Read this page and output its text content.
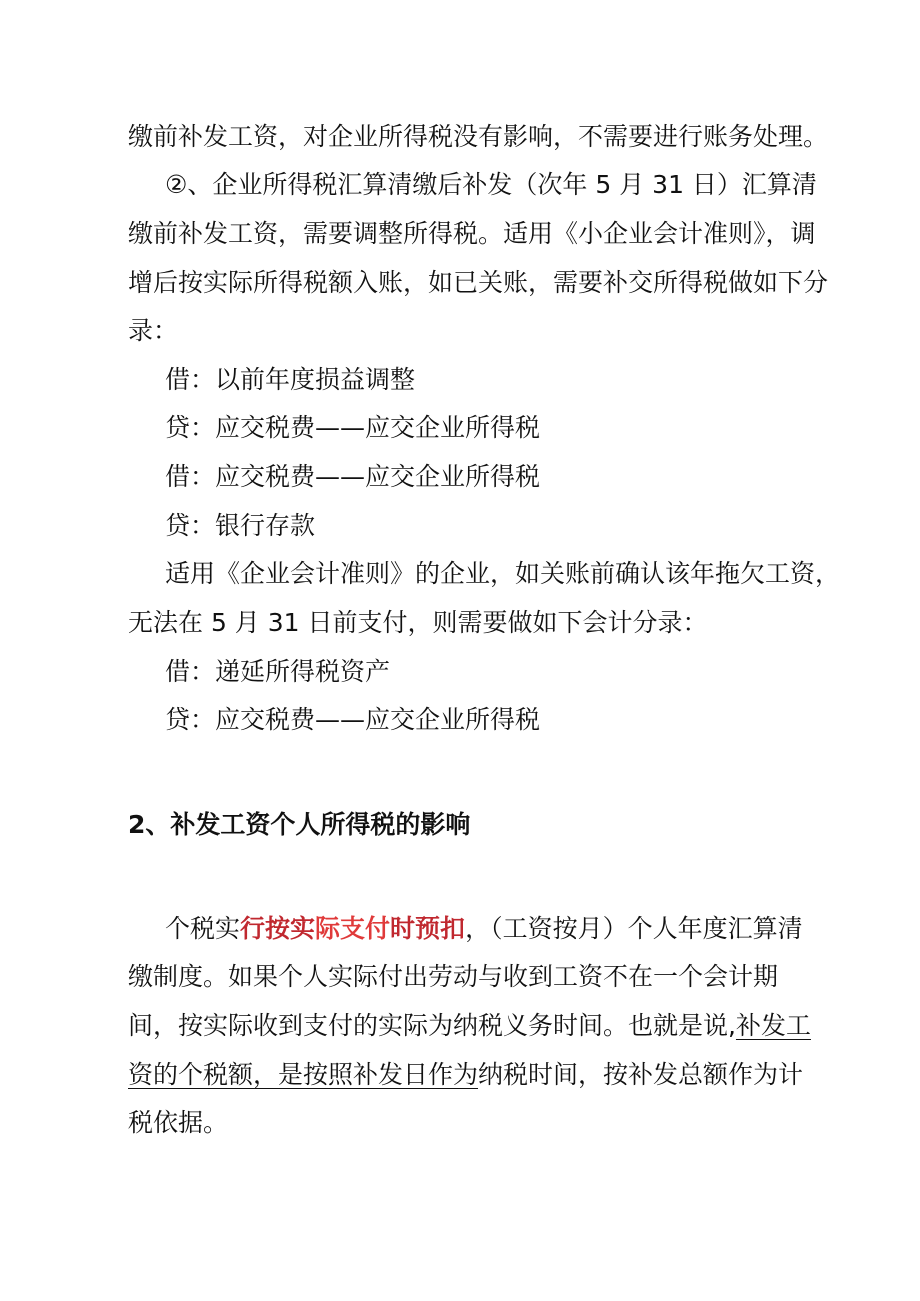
缴前补发工资，对企业所得税没有影响，不需要进行账务处理。
②、企业所得税汇算清缴后补发（次年 5 月 31 日）汇算清
缴前补发工资，需要调整所得税。适用《小企业会计准则》，调
增后按实际所得税额入账，如已关账，需要补交所得税做如下分
录：
借：以前年度损益调整
贷：应交税费——应交企业所得税
借：应交税费——应交企业所得税
贷：银行存款
适用《企业会计准则》的企业，如关账前确认该年拖欠工资，
无法在 5 月 31 日前支付，则需要做如下会计分录：
借：递延所得税资产
贷：应交税费——应交企业所得税
2、补发工资个人所得税的影响
个税实行按实际支付时预扣，（工资按月）个人年度汇算清
缴制度。如果个人实际付出劳动与收到工资不在一个会计期
间，按实际收到支付的实际为纳税义务时间。也就是说,补发工
资的个税额，是按照补发日作为纳税时间，按补发总额作为计
税依据。
